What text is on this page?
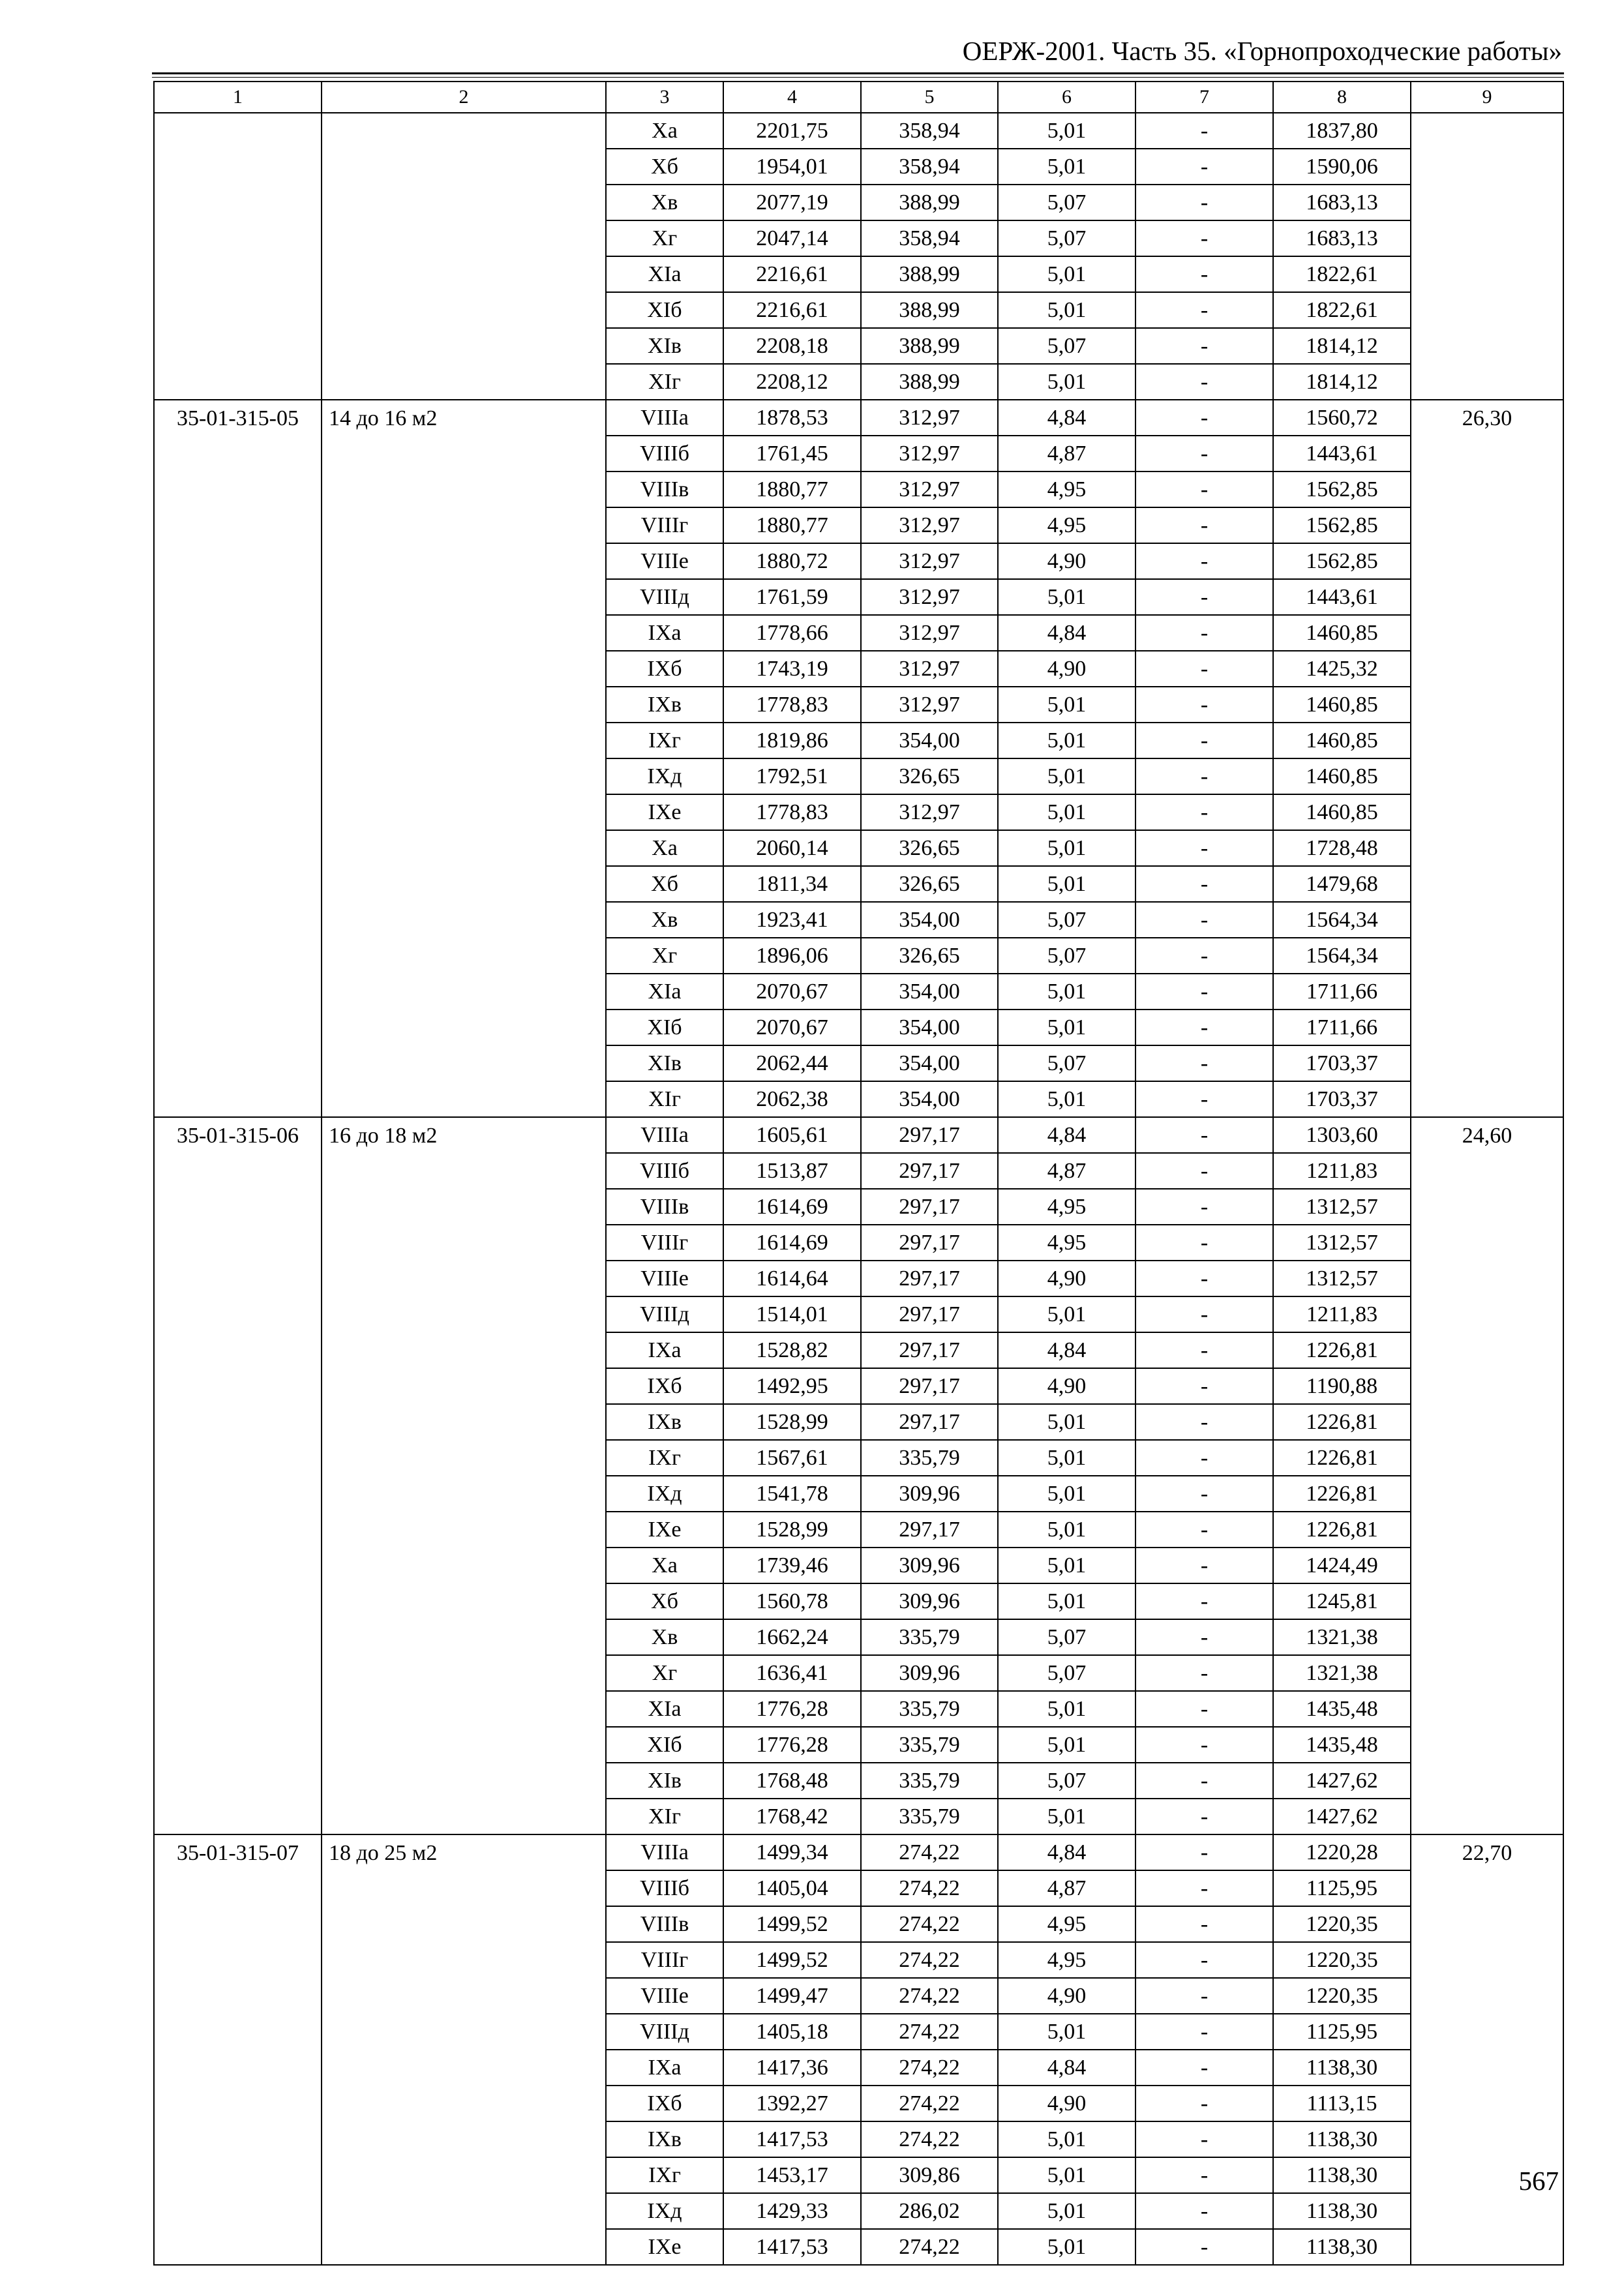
ОЕРЖ-2001. Часть 35. «Горнопроходческие работы»
1	2	3	4	5	6	7	8	9
		Xa	2201,75	358,94	5,01	-	1837,80	
		Xб	1954,01	358,94	5,01	-	1590,06	
		Xв	2077,19	388,99	5,07	-	1683,13	
		Xг	2047,14	358,94	5,07	-	1683,13	
		XIa	2216,61	388,99	5,01	-	1822,61	
		XIб	2216,61	388,99	5,01	-	1822,61	
		XIв	2208,18	388,99	5,07	-	1814,12	
		XIг	2208,12	388,99	5,01	-	1814,12	
35-01-315-05	14 до 16 м2	VIIIa	1878,53	312,97	4,84	-	1560,72	26,30
		VIIIб	1761,45	312,97	4,87	-	1443,61	
		VIIIв	1880,77	312,97	4,95	-	1562,85	
		VIIIг	1880,77	312,97	4,95	-	1562,85	
		VIIIe	1880,72	312,97	4,90	-	1562,85	
		VIIIд	1761,59	312,97	5,01	-	1443,61	
		IXa	1778,66	312,97	4,84	-	1460,85	
		IXб	1743,19	312,97	4,90	-	1425,32	
		IXв	1778,83	312,97	5,01	-	1460,85	
		IXг	1819,86	354,00	5,01	-	1460,85	
		IXд	1792,51	326,65	5,01	-	1460,85	
		IXe	1778,83	312,97	5,01	-	1460,85	
		Xa	2060,14	326,65	5,01	-	1728,48	
		Xб	1811,34	326,65	5,01	-	1479,68	
		Xв	1923,41	354,00	5,07	-	1564,34	
		Xг	1896,06	326,65	5,07	-	1564,34	
		XIa	2070,67	354,00	5,01	-	1711,66	
		XIб	2070,67	354,00	5,01	-	1711,66	
		XIв	2062,44	354,00	5,07	-	1703,37	
		XIг	2062,38	354,00	5,01	-	1703,37	
35-01-315-06	16 до 18 м2	VIIIa	1605,61	297,17	4,84	-	1303,60	24,60
		VIIIб	1513,87	297,17	4,87	-	1211,83	
		VIIIв	1614,69	297,17	4,95	-	1312,57	
		VIIIг	1614,69	297,17	4,95	-	1312,57	
		VIIIe	1614,64	297,17	4,90	-	1312,57	
		VIIIд	1514,01	297,17	5,01	-	1211,83	
		IXa	1528,82	297,17	4,84	-	1226,81	
		IXб	1492,95	297,17	4,90	-	1190,88	
		IXв	1528,99	297,17	5,01	-	1226,81	
		IXг	1567,61	335,79	5,01	-	1226,81	
		IXд	1541,78	309,96	5,01	-	1226,81	
		IXe	1528,99	297,17	5,01	-	1226,81	
		Xa	1739,46	309,96	5,01	-	1424,49	
		Xб	1560,78	309,96	5,01	-	1245,81	
		Xв	1662,24	335,79	5,07	-	1321,38	
		Xг	1636,41	309,96	5,07	-	1321,38	
		XIa	1776,28	335,79	5,01	-	1435,48	
		XIб	1776,28	335,79	5,01	-	1435,48	
		XIв	1768,48	335,79	5,07	-	1427,62	
		XIг	1768,42	335,79	5,01	-	1427,62	
35-01-315-07	18 до 25 м2	VIIIa	1499,34	274,22	4,84	-	1220,28	22,70
		VIIIб	1405,04	274,22	4,87	-	1125,95	
		VIIIв	1499,52	274,22	4,95	-	1220,35	
		VIIIг	1499,52	274,22	4,95	-	1220,35	
		VIIIe	1499,47	274,22	4,90	-	1220,35	
		VIIIд	1405,18	274,22	5,01	-	1125,95	
		IXa	1417,36	274,22	4,84	-	1138,30	
		IXб	1392,27	274,22	4,90	-	1113,15	
		IXв	1417,53	274,22	5,01	-	1138,30	
		IXг	1453,17	309,86	5,01	-	1138,30	
		IXд	1429,33	286,02	5,01	-	1138,30	
		IXe	1417,53	274,22	5,01	-	1138,30	
567
